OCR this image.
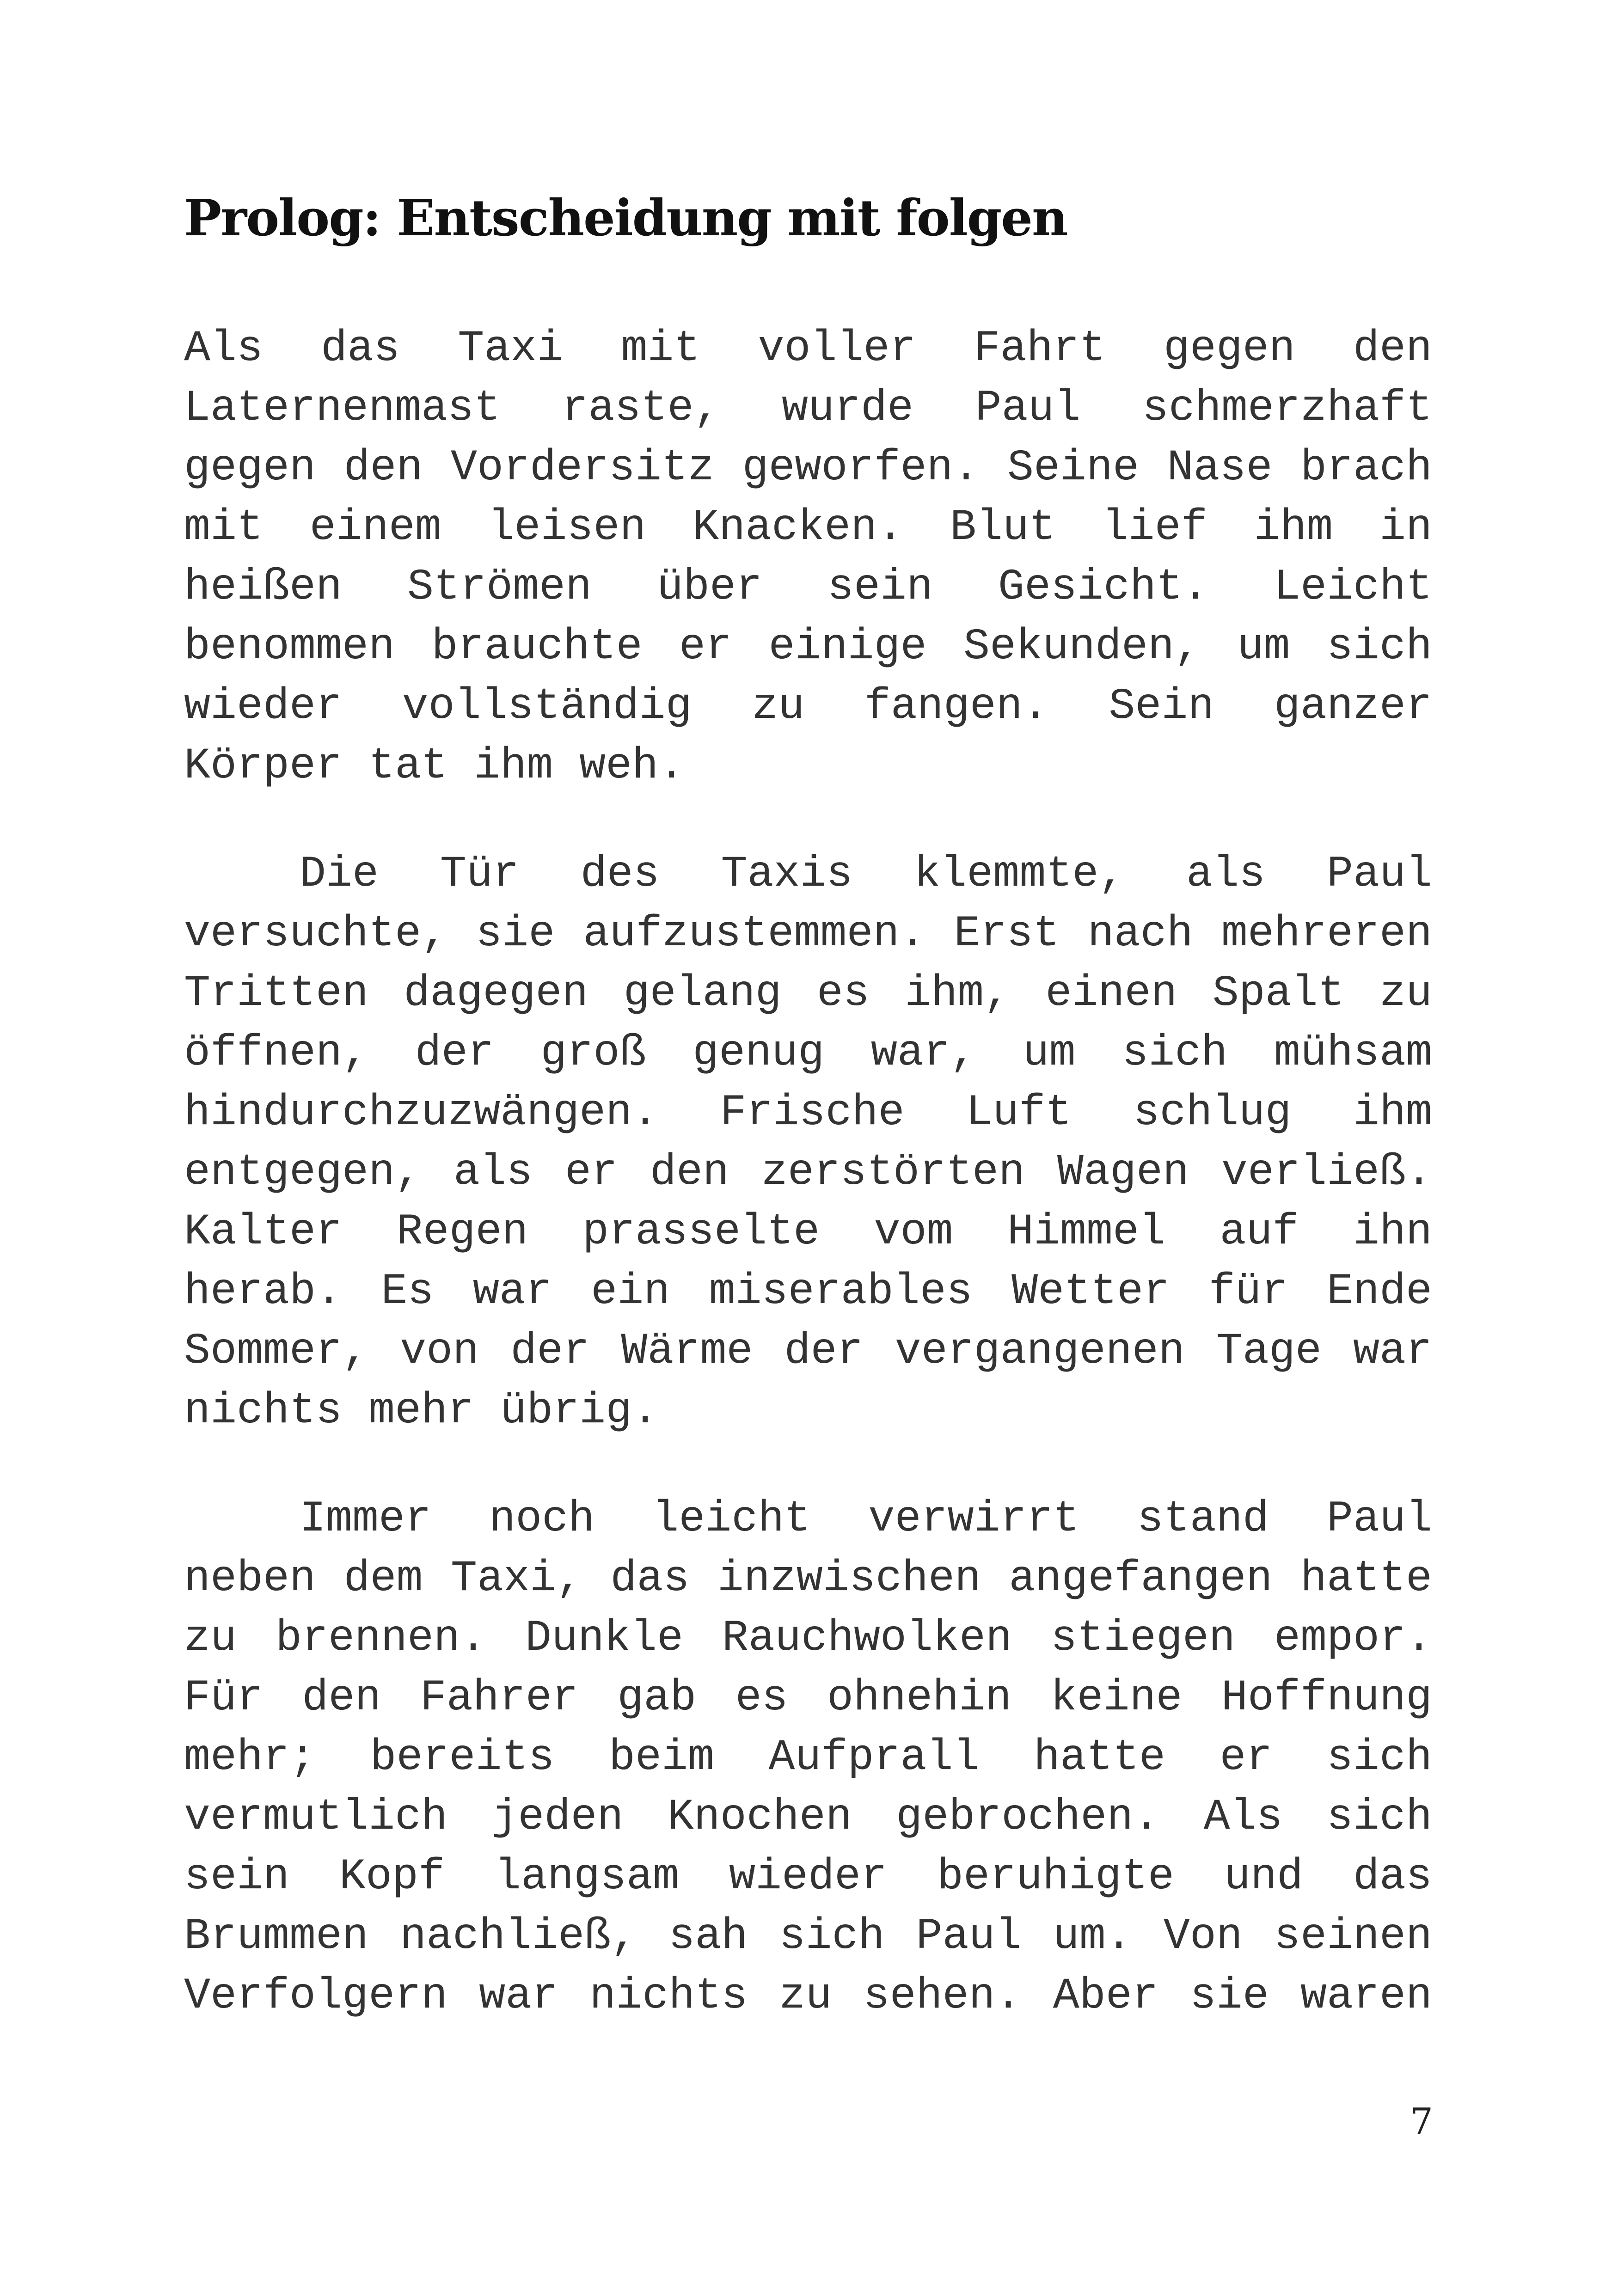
Prolog: Entscheidung mit folgen

Als das Taxi mit voller Fahrt gegen den Laternenmast raste, wurde Paul schmerzhaft gegen den Vordersitz geworfen. Seine Nase brach mit einem leisen Knacken. Blut lief ihm in heißen Strömen über sein Gesicht. Leicht benommen brauchte er einige Sekunden, um sich wieder vollständig zu fangen. Sein ganzer Körper tat ihm weh.

Die Tür des Taxis klemmte, als Paul versuchte, sie aufzustemmen. Erst nach mehreren Tritten dagegen gelang es ihm, einen Spalt zu öffnen, der groß genug war, um sich mühsam hindurchzuzwängen. Frische Luft schlug ihm entgegen, als er den zerstörten Wagen verließ. Kalter Regen prasselte vom Himmel auf ihn herab. Es war ein miserables Wetter für Ende Sommer, von der Wärme der vergangenen Tage war nichts mehr übrig.

Immer noch leicht verwirrt stand Paul neben dem Taxi, das inzwischen angefangen hatte zu brennen. Dunkle Rauchwolken stiegen empor. Für den Fahrer gab es ohnehin keine Hoffnung mehr; bereits beim Aufprall hatte er sich vermutlich jeden Knochen gebrochen. Als sich sein Kopf langsam wieder beruhigte und das Brummen nachließ, sah sich Paul um. Von seinen Verfolgern war nichts zu sehen. Aber sie waren

7
